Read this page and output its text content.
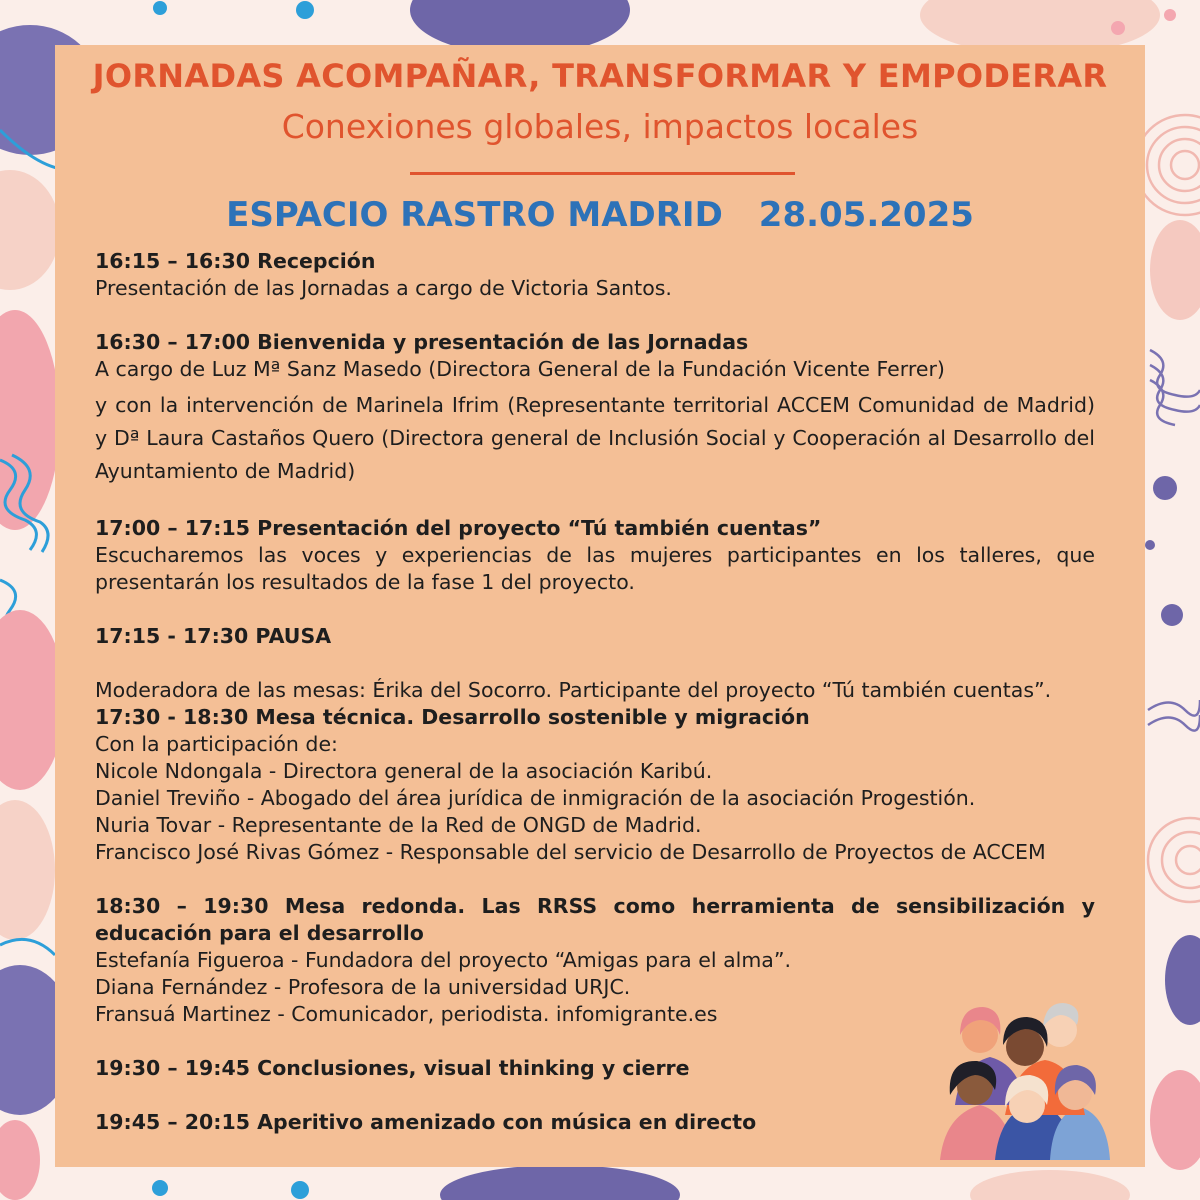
JORNADAS ACOMPAÑAR, TRANSFORMAR Y EMPODERAR
Conexiones globales, impactos locales
ESPACIO RASTRO MADRID 28.05.2025
16:15 – 16:30 Recepción
Presentación de las Jornadas a cargo de Victoria Santos.
16:30 – 17:00 Bienvenida y presentación de las Jornadas
A cargo de Luz Mª Sanz Masedo (Directora General de la Fundación Vicente Ferrer)
y con la intervención de Marinela Ifrim (Representante territorial ACCEM Comunidad de Madrid) y Dª Laura Castaños Quero (Directora general de Inclusión Social y Cooperación al Desarrollo del Ayuntamiento de Madrid)
17:00 – 17:15 Presentación del proyecto “Tú también cuentas”
Escucharemos las voces y experiencias de las mujeres participantes en los talleres, que presentarán los resultados de la fase 1 del proyecto.
17:15 - 17:30 PAUSA
Moderadora de las mesas: Érika del Socorro. Participante del proyecto “Tú también cuentas”.
17:30 - 18:30 Mesa técnica. Desarrollo sostenible y migración
Con la participación de:
Nicole Ndongala - Directora general de la asociación Karibú.
Daniel Treviño - Abogado del área jurídica de inmigración de la asociación Progestión.
Nuria Tovar - Representante de la Red de ONGD de Madrid.
Francisco José Rivas Gómez - Responsable del servicio de Desarrollo de Proyectos de ACCEM
18:30 – 19:30 Mesa redonda. Las RRSS como herramienta de sensibilización y educación para el desarrollo
Estefanía Figueroa - Fundadora del proyecto “Amigas para el alma”.
Diana Fernández - Profesora de la universidad URJC.
Fransuá Martinez - Comunicador, periodista. infomigrante.es
19:30 – 19:45 Conclusiones, visual thinking y cierre
19:45 – 20:15 Aperitivo amenizado con música en directo
